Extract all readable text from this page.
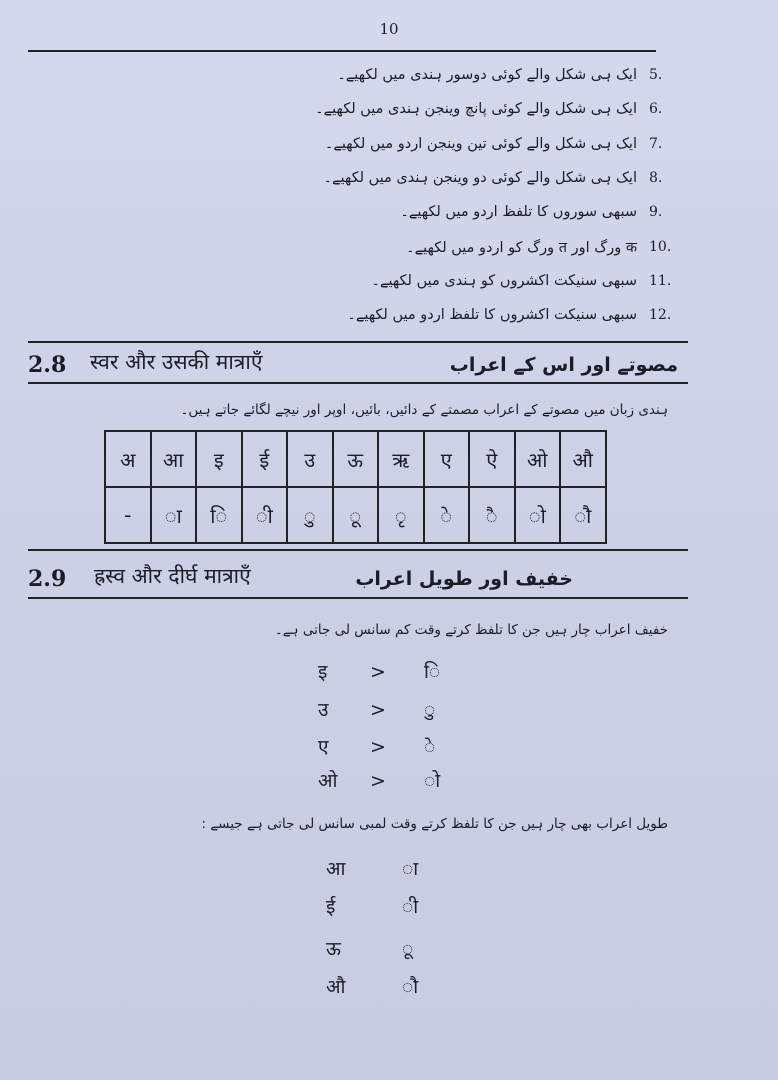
10
ایک ہی شکل والے کوئی دوسور ہندی میں لکھیے۔ 5.
ایک ہی شکل والے کوئی پانچ وینجن ہندی میں لکھیے۔ 6.
ایک ہی شکل والے کوئی تین وینجن اردو میں لکھیے۔ 7.
ایک ہی شکل والے کوئی دو وینجن ہندی میں لکھیے۔ 8.
سبھی سوروں کا تلفظ اردو میں لکھیے۔ 9.
क ورگ اور त ورگ کو اردو میں لکھیے۔ 10.
سبھی سنیکت اکشروں کو ہندی میں لکھیے۔ 11.
سبھی سنیکت اکشروں کا تلفظ اردو میں لکھیے۔ 12.
2.8 स्वर और उसकी मात्राएँ	مصوتے اور اس کے اعراب
ہندی زبان میں مصوتے کے اعراب مصمتے کے دائیں، بائیں، اوپر اور نیچے لگائے جاتے ہیں۔
अ	आ	इ	ई	उ	ऊ	ऋ	ए	ऐ	ओ	औ
-	ा	ि	ी	ु	ू	ृ	े	ै	ो	ौ
2.9 ह्रस्व और दीर्घ मात्राएँ	خفیف اور طویل اعراب
خفیف اعراب چار ہیں جن کا تلفظ کرتے وقت کم سانس لی جاتی ہے۔
इ > ि
उ > ु
ए > े
ओ > ो
طویل اعراب بھی چار ہیں جن کا تلفظ کرتے وقت لمبی سانس لی جاتی ہے جیسے :
आ	ा
ई	ी
ऊ	ू
औ	ौ
